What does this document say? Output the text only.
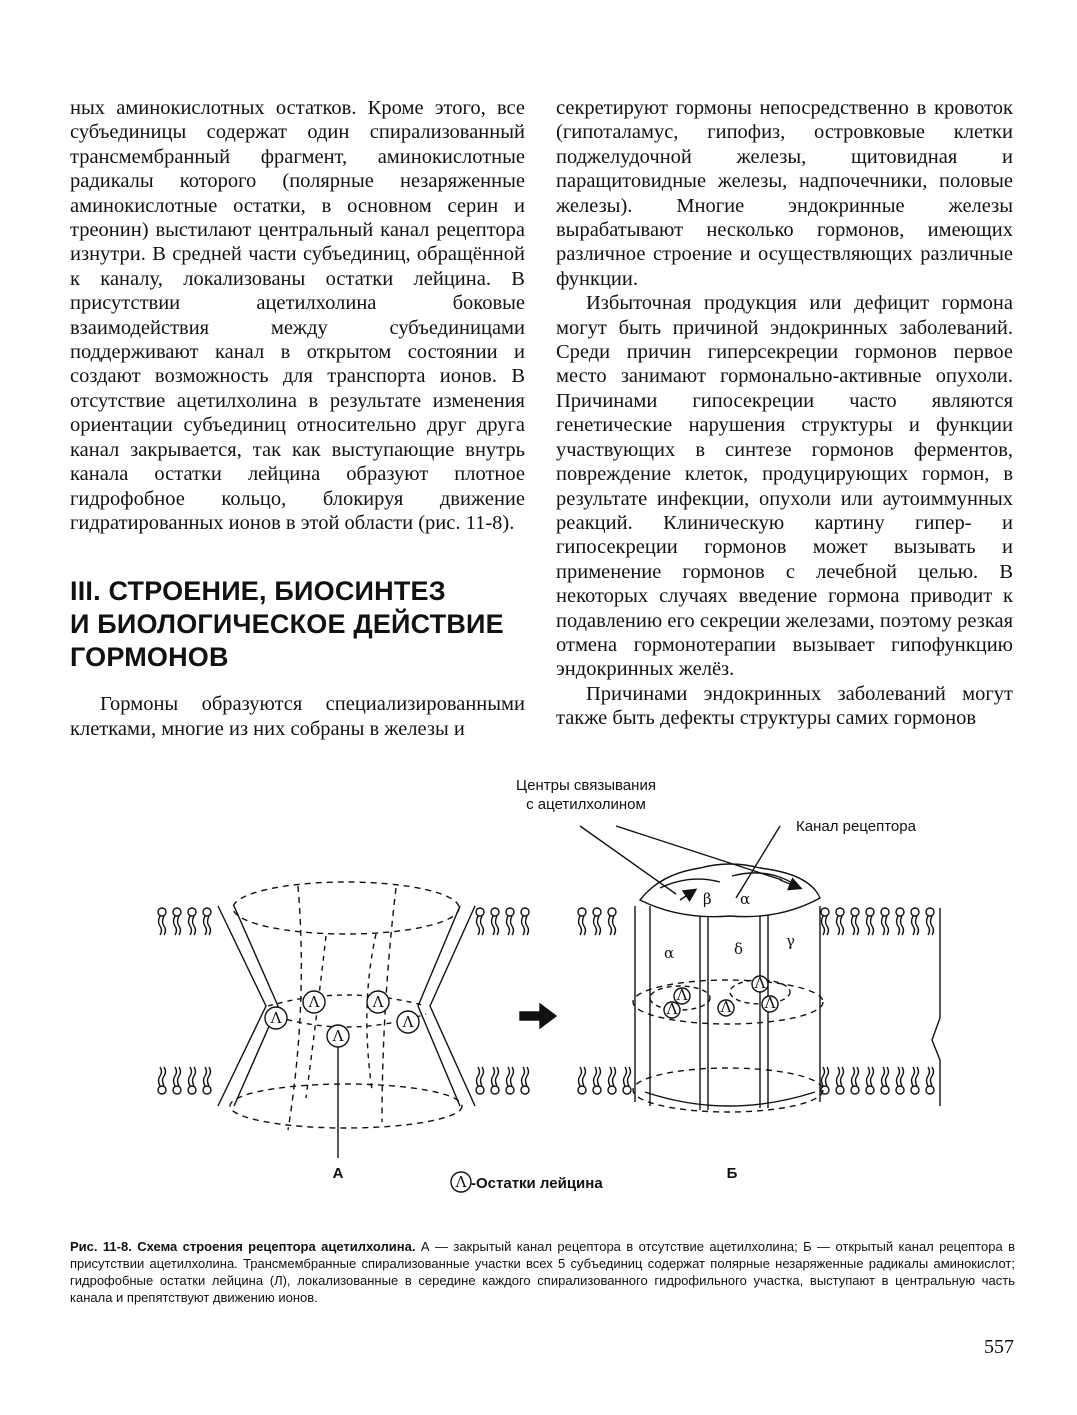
ных аминокислотных остатков. Кроме этого, все субъединицы содержат один спирализованный трансмембранный фрагмент, аминокислотные радикалы которого (полярные незаряженные аминокислотные остатки, в основном серин и треонин) выстилают центральный канал рецептора изнутри. В средней части субъединиц, обращённой к каналу, локализованы остатки лейцина. В присутствии ацетилхолина боковые взаимодействия между субъединицами поддерживают канал в открытом состоянии и создают возможность для транспорта ионов. В отсутствие ацетилхолина в результате изменения ориентации субъединиц относительно друг друга канал закрывается, так как выступающие внутрь канала остатки лейцина образуют плотное гидрофобное кольцо, блокируя движение гидратированных ионов в этой области (рис. 11-8).

III. СТРОЕНИЕ, БИОСИНТЕЗ
И БИОЛОГИЧЕСКОЕ ДЕЙСТВИЕ
ГОРМОНОВ

Гормоны образуются специализированными клетками, многие из них собраны в железы и

секретируют гормоны непосредственно в кровоток (гипоталамус, гипофиз, островковые клетки поджелудочной железы, щитовидная и паращитовидные железы, надпочечники, половые железы). Многие эндокринные железы вырабатывают несколько гормонов, имеющих различное строение и осуществляющих различные функции.

Избыточная продукция или дефицит гормона могут быть причиной эндокринных заболеваний. Среди причин гиперсекреции гормонов первое место занимают гормонально-активные опухоли. Причинами гипосекреции часто являются генетические нарушения структуры и функции участвующих в синтезе гормонов ферментов, повреждение клеток, продуцирующих гормон, в результате инфекции, опухоли или аутоиммунных реакций. Клиническую картину гипер- и гипосекреции гормонов может вызывать и применение гормонов с лечебной целью. В некоторых случаях введение гормона приводит к подавлению его секреции железами, поэтому резкая отмена гормонотерапии вызывает гипофункцию эндокринных желёз.

Причинами эндокринных заболеваний могут также быть дефекты структуры самих гормонов

Λ
Λ
Λ
Λ
Λ
А
Λ
Λ	Λ
Λ
Λ
α	δ	γ
β α
Б
Центры связывания
с ацетилхолином
Канал рецептора
Λ -Остатки лейцина
Рис. 11-8. Схема строения рецептора ацетилхолина. А — закрытый канал рецептора в отсутствие ацетилхолина; Б — открытый канал рецептора в присутствии ацетилхолина. Трансмембранные спирализованные участки всех 5 субъединиц содержат полярные незаряженные радикалы аминокислот; гидрофобные остатки лейцина (Л), локализованные в середине каждого спирализованного гидрофильного участка, выступают в центральную часть канала и препятствуют движению ионов.
557
